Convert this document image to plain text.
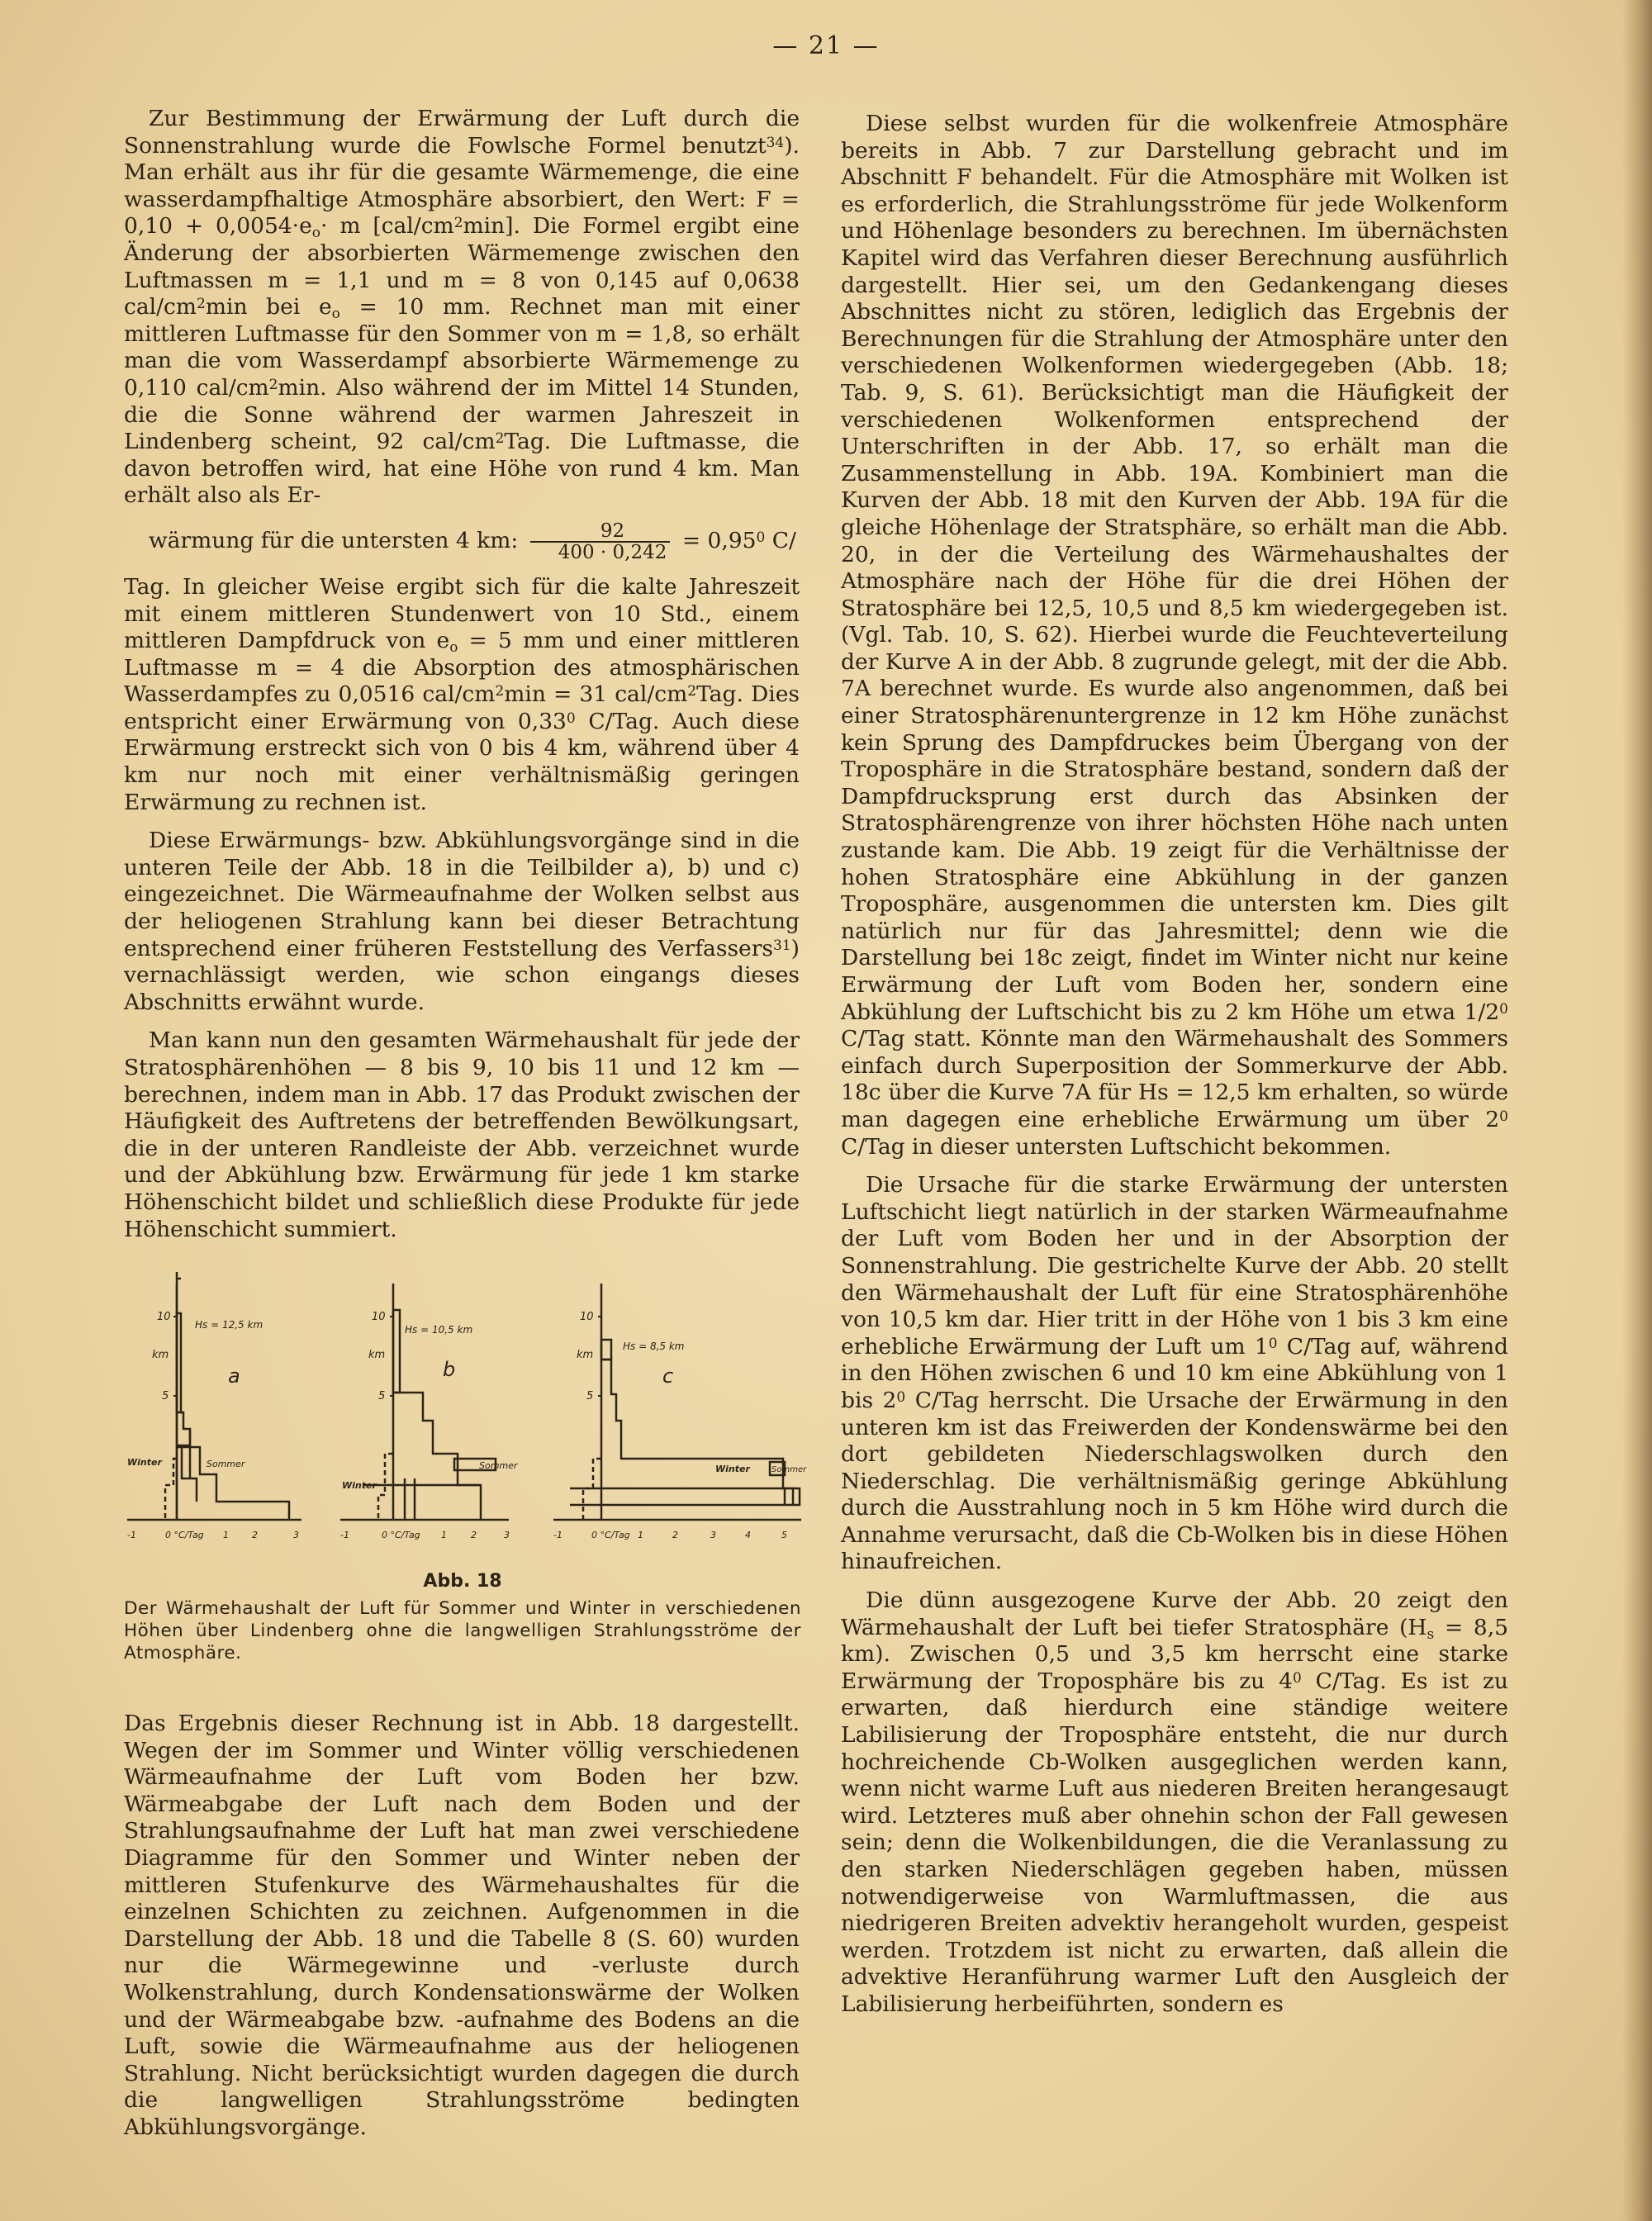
— 21 —

Zur Bestimmung der Erwärmung der Luft durch die Sonnenstrahlung wurde die Fowlsche Formel benutzt$^{34}$). Man erhält aus ihr für die gesamte Wärmemenge, die eine wasserdampfhaltige Atmosphäre absorbiert, den Wert: $F = 0,10 + 0,0054\cdot e_o\cdot m$ $[cal/cm^2\min]$. Die Formel ergibt eine Änderung der absorbierten Wärmemenge zwischen den Luftmassen m = 1,1 und m = 8 von 0,145 auf 0,0638 cal/$cm^2\min$ bei $e_o = 10$ mm. Rechnet man mit einer mittleren Luftmasse für den Sommer von m = 1,8, so erhält man die vom Wasserdampf absorbierte Wärmemenge zu 0,110 cal/$cm^2\min$. Also während der im Mittel 14 Stunden, die die Sonne während der warmen Jahreszeit in Lindenberg scheint, 92 cal/$cm^2Tag$. Die Luftmasse, die davon betroffen wird, hat eine Höhe von rund 4 km. Man erhält also als Er-

wärmung für die untersten 4 km: $\frac{92}{400 \cdot 0,242} = 0,95^0$ C/

Tag. In gleicher Weise ergibt sich für die kalte Jahreszeit mit einem mittleren Stundenwert von 10 Std., einem mittleren Dampfdruck von $e_o = 5$ mm und einer mittleren Luftmasse m = 4 die Absorption des atmosphärischen Wasserdampfes zu 0,0516 cal/$cm^2\min = 31$ cal/$cm^2Tag$. Dies entspricht einer Erwärmung von 0,33$^0$ C/Tag. Auch diese Erwärmung erstreckt sich von 0 bis 4 km, während über 4 km nur noch mit einer verhältnismäßig geringen Erwärmung zu rechnen ist.

Diese Erwärmungs- bzw. Abkühlungsvorgänge sind in die unteren Teile der Abb. 18 in die Teilbilder a), b) und c) eingezeichnet. Die Wärmeaufnahme der Wolken selbst aus der heliogenen Strahlung kann bei dieser Betrachtung entsprechend einer früheren Feststellung des Verfassers$^{31}$) vernachlässigt werden, wie schon eingangs dieses Abschnitts erwähnt wurde.

Man kann nun den gesamten Wärmehaushalt für jede der Stratosphärenhöhen — 8 bis 9, 10 bis 11 und 12 km — berechnen, indem man in Abb. 17 das Produkt zwischen der Häufigkeit des Auftretens der betreffenden Bewölkungsart, die in der unteren Randleiste der Abb. verzeichnet wurde und der Abkühlung bzw. Erwärmung für jede 1 km starke Höhenschicht bildet und schließlich diese Produkte für jede Höhenschicht summiert.

10
km
5
Hs = 12,5 km
a
Winter	Sommer
-1	0 °C/Tag 1	2	3
10
km
5
Hs = 10,5 km
b
Winter
Sommer
-1	0 °C/Tag 1	2	3
10
km
5
Hs = 8,5 km
c
Winter	Sommer
-1	0 °C/Tag 1	2	3	4	5
Abb. 18
Der Wärmehaushalt der Luft für Sommer und Winter in verschiedenen Höhen über Lindenberg ohne die langwelligen Strahlungsströme der Atmosphäre.

Das Ergebnis dieser Rechnung ist in Abb. 18 dargestellt. Wegen der im Sommer und Winter völlig verschiedenen Wärmeaufnahme der Luft vom Boden her bzw. Wärmeabgabe der Luft nach dem Boden und der Strahlungsaufnahme der Luft hat man zwei verschiedene Diagramme für den Sommer und Winter neben der mittleren Stufenkurve des Wärmehaushaltes für die einzelnen Schichten zu zeichnen. Aufgenommen in die Darstellung der Abb. 18 und die Tabelle 8 (S. 60) wurden nur die Wärmegewinne und -verluste durch Wolkenstrahlung, durch Kondensationswärme der Wolken und der Wärmeabgabe bzw. -aufnahme des Bodens an die Luft, sowie die Wärmeaufnahme aus der heliogenen Strahlung. Nicht berücksichtigt wurden dagegen die durch die langwelligen Strahlungsströme bedingten Abkühlungsvorgänge.

Diese selbst wurden für die wolkenfreie Atmosphäre bereits in Abb. 7 zur Darstellung gebracht und im Abschnitt F behandelt. Für die Atmosphäre mit Wolken ist es erforderlich, die Strahlungsströme für jede Wolkenform und Höhenlage besonders zu berechnen. Im übernächsten Kapitel wird das Verfahren dieser Berechnung ausführlich dargestellt. Hier sei, um den Gedankengang dieses Abschnittes nicht zu stören, lediglich das Ergebnis der Berechnungen für die Strahlung der Atmosphäre unter den verschiedenen Wolkenformen wiedergegeben (Abb. 18; Tab. 9, S. 61). Berücksichtigt man die Häufigkeit der verschiedenen Wolkenformen entsprechend der Unterschriften in der Abb. 17, so erhält man die Zusammenstellung in Abb. 19A. Kombiniert man die Kurven der Abb. 18 mit den Kurven der Abb. 19A für die gleiche Höhenlage der Stratsphäre, so erhält man die Abb. 20, in der die Verteilung des Wärmehaushaltes der Atmosphäre nach der Höhe für die drei Höhen der Stratosphäre bei 12,5, 10,5 und 8,5 km wiedergegeben ist. (Vgl. Tab. 10, S. 62). Hierbei wurde die Feuchteverteilung der Kurve A in der Abb. 8 zugrunde gelegt, mit der die Abb. 7A berechnet wurde. Es wurde also angenommen, daß bei einer Stratosphärenuntergrenze in 12 km Höhe zunächst kein Sprung des Dampfdruckes beim Übergang von der Troposphäre in die Stratosphäre bestand, sondern daß der Dampfdrucksprung erst durch das Absinken der Stratosphärengrenze von ihrer höchsten Höhe nach unten zustande kam. Die Abb. 19 zeigt für die Verhältnisse der hohen Stratosphäre eine Abkühlung in der ganzen Troposphäre, ausgenommen die untersten km. Dies gilt natürlich nur für das Jahresmittel; denn wie die Darstellung bei 18c zeigt, findet im Winter nicht nur keine Erwärmung der Luft vom Boden her, sondern eine Abkühlung der Luftschicht bis zu 2 km Höhe um etwa $1/2^0$ C/Tag statt. Könnte man den Wärmehaushalt des Sommers einfach durch Superposition der Sommerkurve der Abb. 18c über die Kurve 7A für Hs = 12,5 km erhalten, so würde man dagegen eine erhebliche Erwärmung um über $2^0$ C/Tag in dieser untersten Luftschicht bekommen.

Die Ursache für die starke Erwärmung der untersten Luftschicht liegt natürlich in der starken Wärmeaufnahme der Luft vom Boden her und in der Absorption der Sonnenstrahlung. Die gestrichelte Kurve der Abb. 20 stellt den Wärmehaushalt der Luft für eine Stratosphärenhöhe von 10,5 km dar. Hier tritt in der Höhe von 1 bis 3 km eine erhebliche Erwärmung der Luft um $1^0$ C/Tag auf, während in den Höhen zwischen 6 und 10 km eine Abkühlung von 1 bis $2^0$ C/Tag herrscht. Die Ursache der Erwärmung in den unteren km ist das Freiwerden der Kondenswärme bei den dort gebildeten Niederschlagswolken durch den Niederschlag. Die verhältnismäßig geringe Abkühlung durch die Ausstrahlung noch in 5 km Höhe wird durch die Annahme verursacht, daß die Cb-Wolken bis in diese Höhen hinaufreichen.

Die dünn ausgezogene Kurve der Abb. 20 zeigt den Wärmehaushalt der Luft bei tiefer Stratosphäre ($H_s = 8,5$ km). Zwischen 0,5 und 3,5 km herrscht eine starke Erwärmung der Troposphäre bis zu $4^0$ C/Tag. Es ist zu erwarten, daß hierdurch eine ständige weitere Labilisierung der Troposphäre entsteht, die nur durch hochreichende Cb-Wolken ausgeglichen werden kann, wenn nicht warme Luft aus niederen Breiten herangesaugt wird. Letzteres muß aber ohnehin schon der Fall gewesen sein; denn die Wolkenbildungen, die die Veranlassung zu den starken Niederschlägen gegeben haben, müssen notwendigerweise von Warmluftmassen, die aus niedrigeren Breiten advektiv herangeholt wurden, gespeist werden. Trotzdem ist nicht zu erwarten, daß allein die advektive Heranführung warmer Luft den Ausgleich der Labilisierung herbeiführten, sondern es
